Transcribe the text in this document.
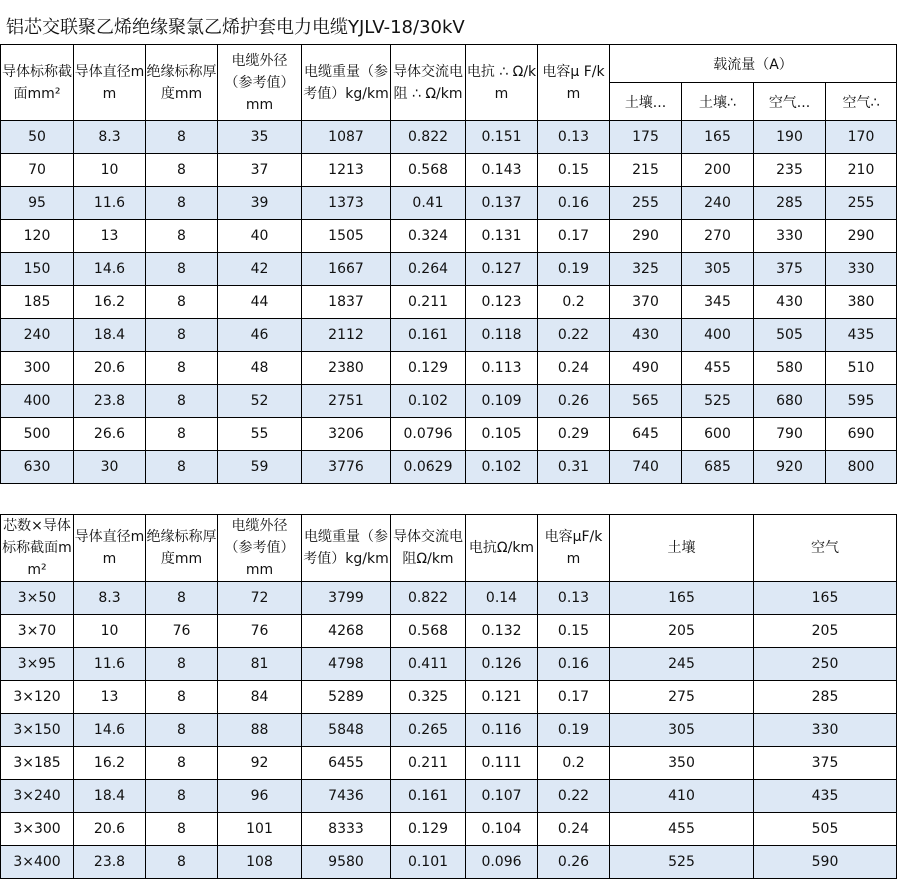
铝芯交联聚乙烯绝缘聚氯乙烯护套电力电缆YJLV-18/30kV
导体标称截面mm²	导体直径mm	绝缘标称厚度mm	电缆外径（参考值）mm	电缆重量（参考值）kg/km	导体交流电阻 ∴ Ω/km	电抗 ∴ Ω/km	电容μ F/km	载流量（A）			
								土壤...	土壤∴	空气...	空气∴
50	8.3	8	35	1087	0.822	0.151	0.13	175	165	190	170
70	10	8	37	1213	0.568	0.143	0.15	215	200	235	210
95	11.6	8	39	1373	0.41	0.137	0.16	255	240	285	255
120	13	8	40	1505	0.324	0.131	0.17	290	270	330	290
150	14.6	8	42	1667	0.264	0.127	0.19	325	305	375	330
185	16.2	8	44	1837	0.211	0.123	0.2	370	345	430	380
240	18.4	8	46	2112	0.161	0.118	0.22	430	400	505	435
300	20.6	8	48	2380	0.129	0.113	0.24	490	455	580	510
400	23.8	8	52	2751	0.102	0.109	0.26	565	525	680	595
500	26.6	8	55	3206	0.0796	0.105	0.29	645	600	790	690
630	30	8	59	3776	0.0629	0.102	0.31	740	685	920	800
芯数×导体标称截面mm²	导体直径mm	绝缘标称厚度mm	电缆外径（参考值）mm	电缆重量（参考值）kg/km	导体交流电阻Ω/km	电抗Ω/km	电容μF/km	土壤	空气
3×50	8.3	8	72	3799	0.822	0.14	0.13	165	165
3×70	10	76	76	4268	0.568	0.132	0.15	205	205
3×95	11.6	8	81	4798	0.411	0.126	0.16	245	250
3×120	13	8	84	5289	0.325	0.121	0.17	275	285
3×150	14.6	8	88	5848	0.265	0.116	0.19	305	330
3×185	16.2	8	92	6455	0.211	0.111	0.2	350	375
3×240	18.4	8	96	7436	0.161	0.107	0.22	410	435
3×300	20.6	8	101	8333	0.129	0.104	0.24	455	505
3×400	23.8	8	108	9580	0.101	0.096	0.26	525	590
